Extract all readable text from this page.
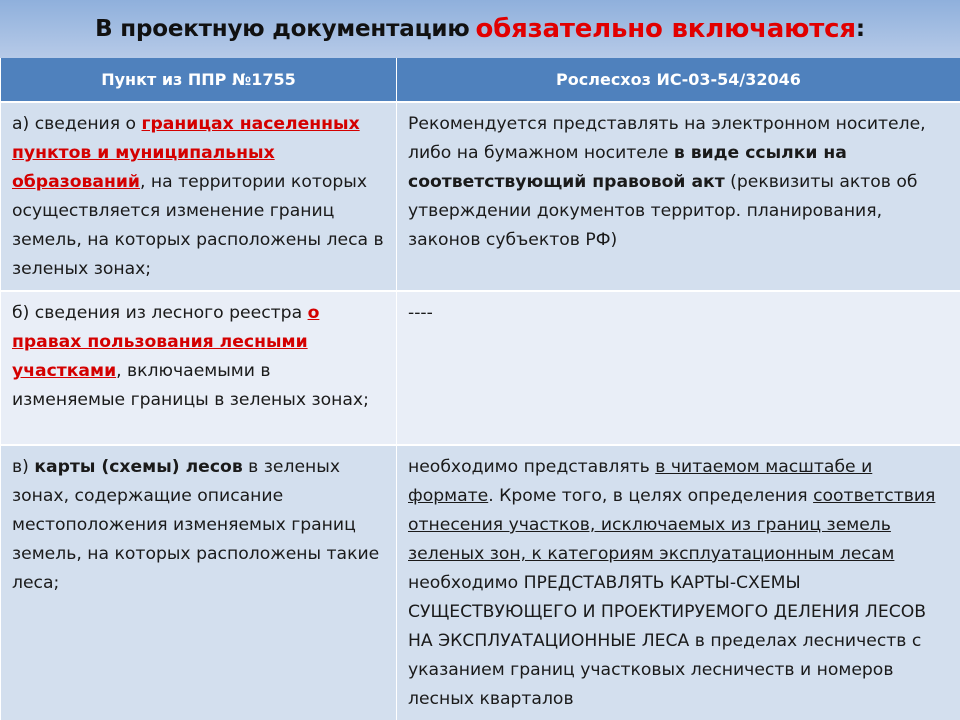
В проектную документацию обязательно включаются :
Пункт из ППР №1755	Рослесхоз ИС-03-54/32046
а) сведения о границах населенных пунктов и муниципальных образований, на территории которых осуществляется изменение границ земель, на которых расположены леса в зеленых зонах;	Рекомендуется представлять на электронном носителе, либо на бумажном носителе в виде ссылки на соответствующий правовой акт (реквизиты актов об утверждении документов территор. планирования, законов субъектов РФ)
б) сведения из лесного реестра о правах пользования лесными участками, включаемыми в изменяемые границы в зеленых зонах;	----
в) карты (схемы) лесов в зеленых зонах, содержащие описание местоположения изменяемых границ земель, на которых расположены такие леса;	необходимо представлять в читаемом масштабе и формате. Кроме того, в целях определения соответствия отнесения участков, исключаемых из границ земель зеленых зон, к категориям эксплуатационным лесам необходимо ПРЕДСТАВЛЯТЬ КАРТЫ-СХЕМЫ СУЩЕСТВУЮЩЕГО И ПРОЕКТИРУЕМОГО ДЕЛЕНИЯ ЛЕСОВ НА ЭКСПЛУАТАЦИОННЫЕ ЛЕСА в пределах лесничеств с указанием границ участковых лесничеств и номеров лесных кварталов
